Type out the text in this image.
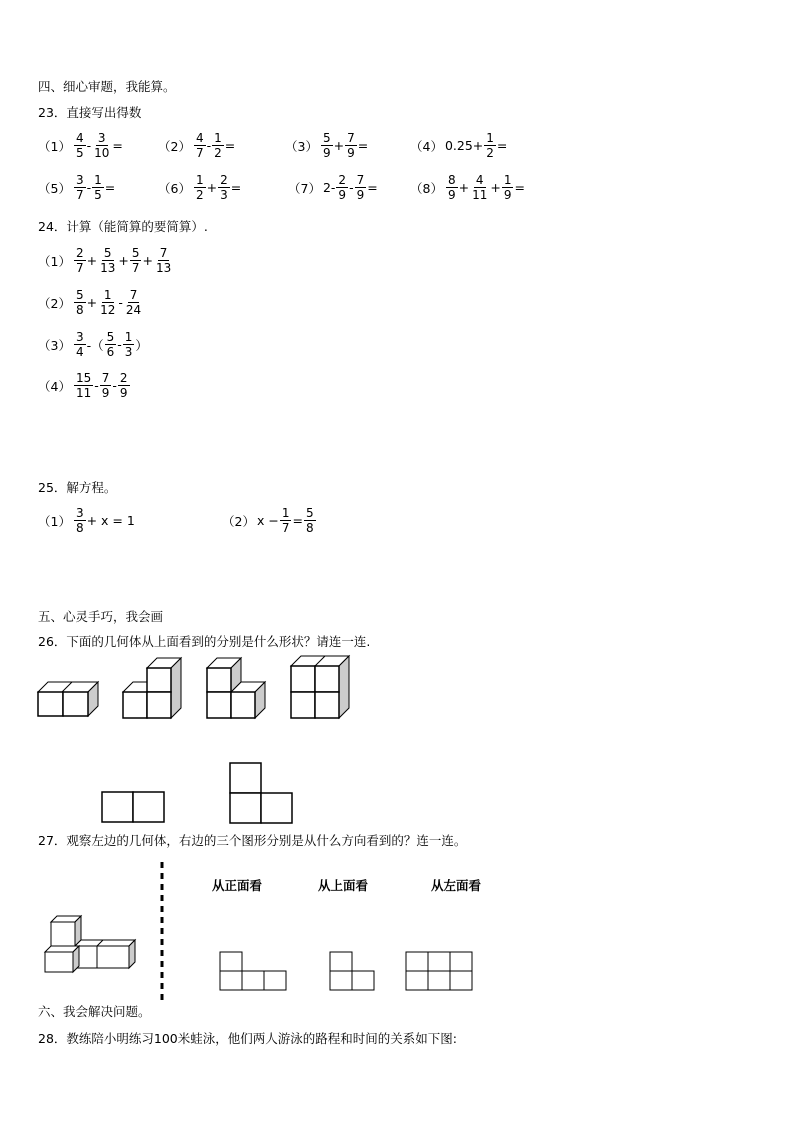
四、细心审题，我能算。
23．直接写出得数
$(1) \frac{4}{5} - \frac{3}{10}$ =	$(2) \frac{4}{7} - \frac{1}{2}$ =	$(3) \frac{5}{9} + \frac{7}{9}$ =	（4） $0.25+ \frac{1}{2}$ =
$(5) \frac{3}{7} - \frac{1}{5}$ =	$(6) \frac{1}{2} + \frac{2}{3}$ =	（7） $2- \frac{2}{9} - \frac{7}{9}$ =	$(8) \frac{8}{9} + \frac{4}{11} + \frac{1}{9}$ =
24．计算（能简算的要简算）.
$(1) \frac{2}{7} + \frac{5}{13} + \frac{5}{7} + \frac{7}{13}$
$(2) \frac{5}{8} + \frac{1}{12} - \frac{7}{24}$
$(3) \frac{3}{4}$ -（ $\frac{5}{6} - \frac{1}{3}$ ）
$(4) \frac{15}{11} - \frac{7}{9} - \frac{2}{9}$
25．解方程。
$(1) \frac{3}{8} + x = 1$	（2） $x - \frac{1}{7} = \frac{5}{8}$
五、心灵手巧，我会画
26．下面的几何体从上面看到的分别是什么形状？请连一连.
27．观察左边的几何体，右边的三个图形分别是从什么方向看到的？连一连。
从正面看	从上面看	从左面看
六、我会解决问题。
28．教练陪小明练习100米蛙泳，他们两人游泳的路程和时间的关系如下图:
